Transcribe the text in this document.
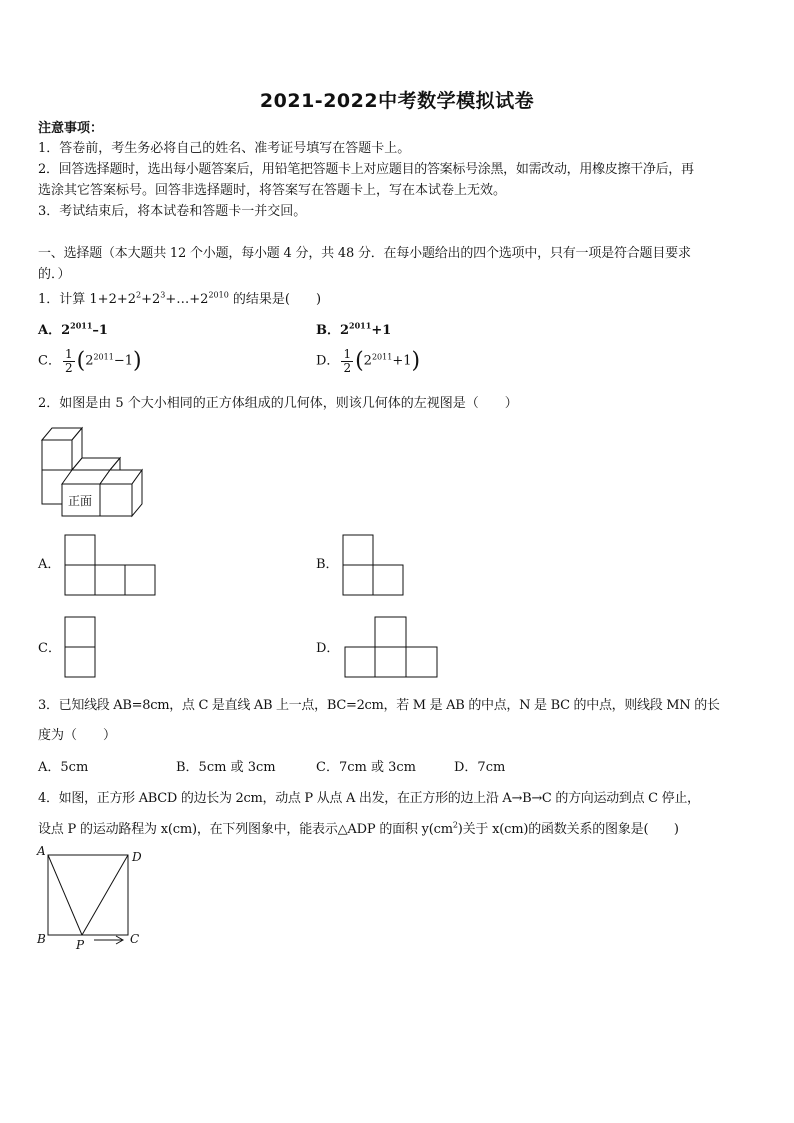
2021-2022中考数学模拟试卷
注意事项：
1．答卷前，考生务必将自己的姓名、准考证号填写在答题卡上。
2．回答选择题时，选出每小题答案后，用铅笔把答题卡上对应题目的答案标号涂黑，如需改动，用橡皮擦干净后，再
选涂其它答案标号。回答非选择题时，将答案写在答题卡上，写在本试卷上无效。
3．考试结束后，将本试卷和答题卡一并交回。
一、选择题（本大题共 12 个小题，每小题 4 分，共 48 分．在每小题给出的四个选项中，只有一项是符合题目要求
的．）
1．计算 $1+2+2^2+2^3+\dots+2^{2010}$ 的结果是(　　)
A．$2^{2011}-1$	B．$2^{2011}+1$
C． $\frac{1}{2} (2^{2011}-1)$	D． $\frac{1}{2} (2^{2011}+1)$
2．如图是由 5 个大小相同的正方体组成的几何体，则该几何体的左视图是（　　）
正面
A．	B．
C．	D．
3．已知线段 AB=8cm，点 C 是直线 AB 上一点，BC=2cm，若 M 是 AB 的中点，N 是 BC 的中点，则线段 MN 的长
度为（　　）
A．5cm	B．5cm 或 3cm	C．7cm 或 3cm	D．7cm
4．如图，正方形 ABCD 的边长为 2cm，动点 P 从点 A 出发，在正方形的边上沿 A→B→C 的方向运动到点 C 停止，
设点 P 的运动路程为 x(cm)，在下列图象中，能表示△ADP 的面积 $y(cm^2)$关于 x(cm)的函数关系的图象是(　　)
A	D
B	C
P
